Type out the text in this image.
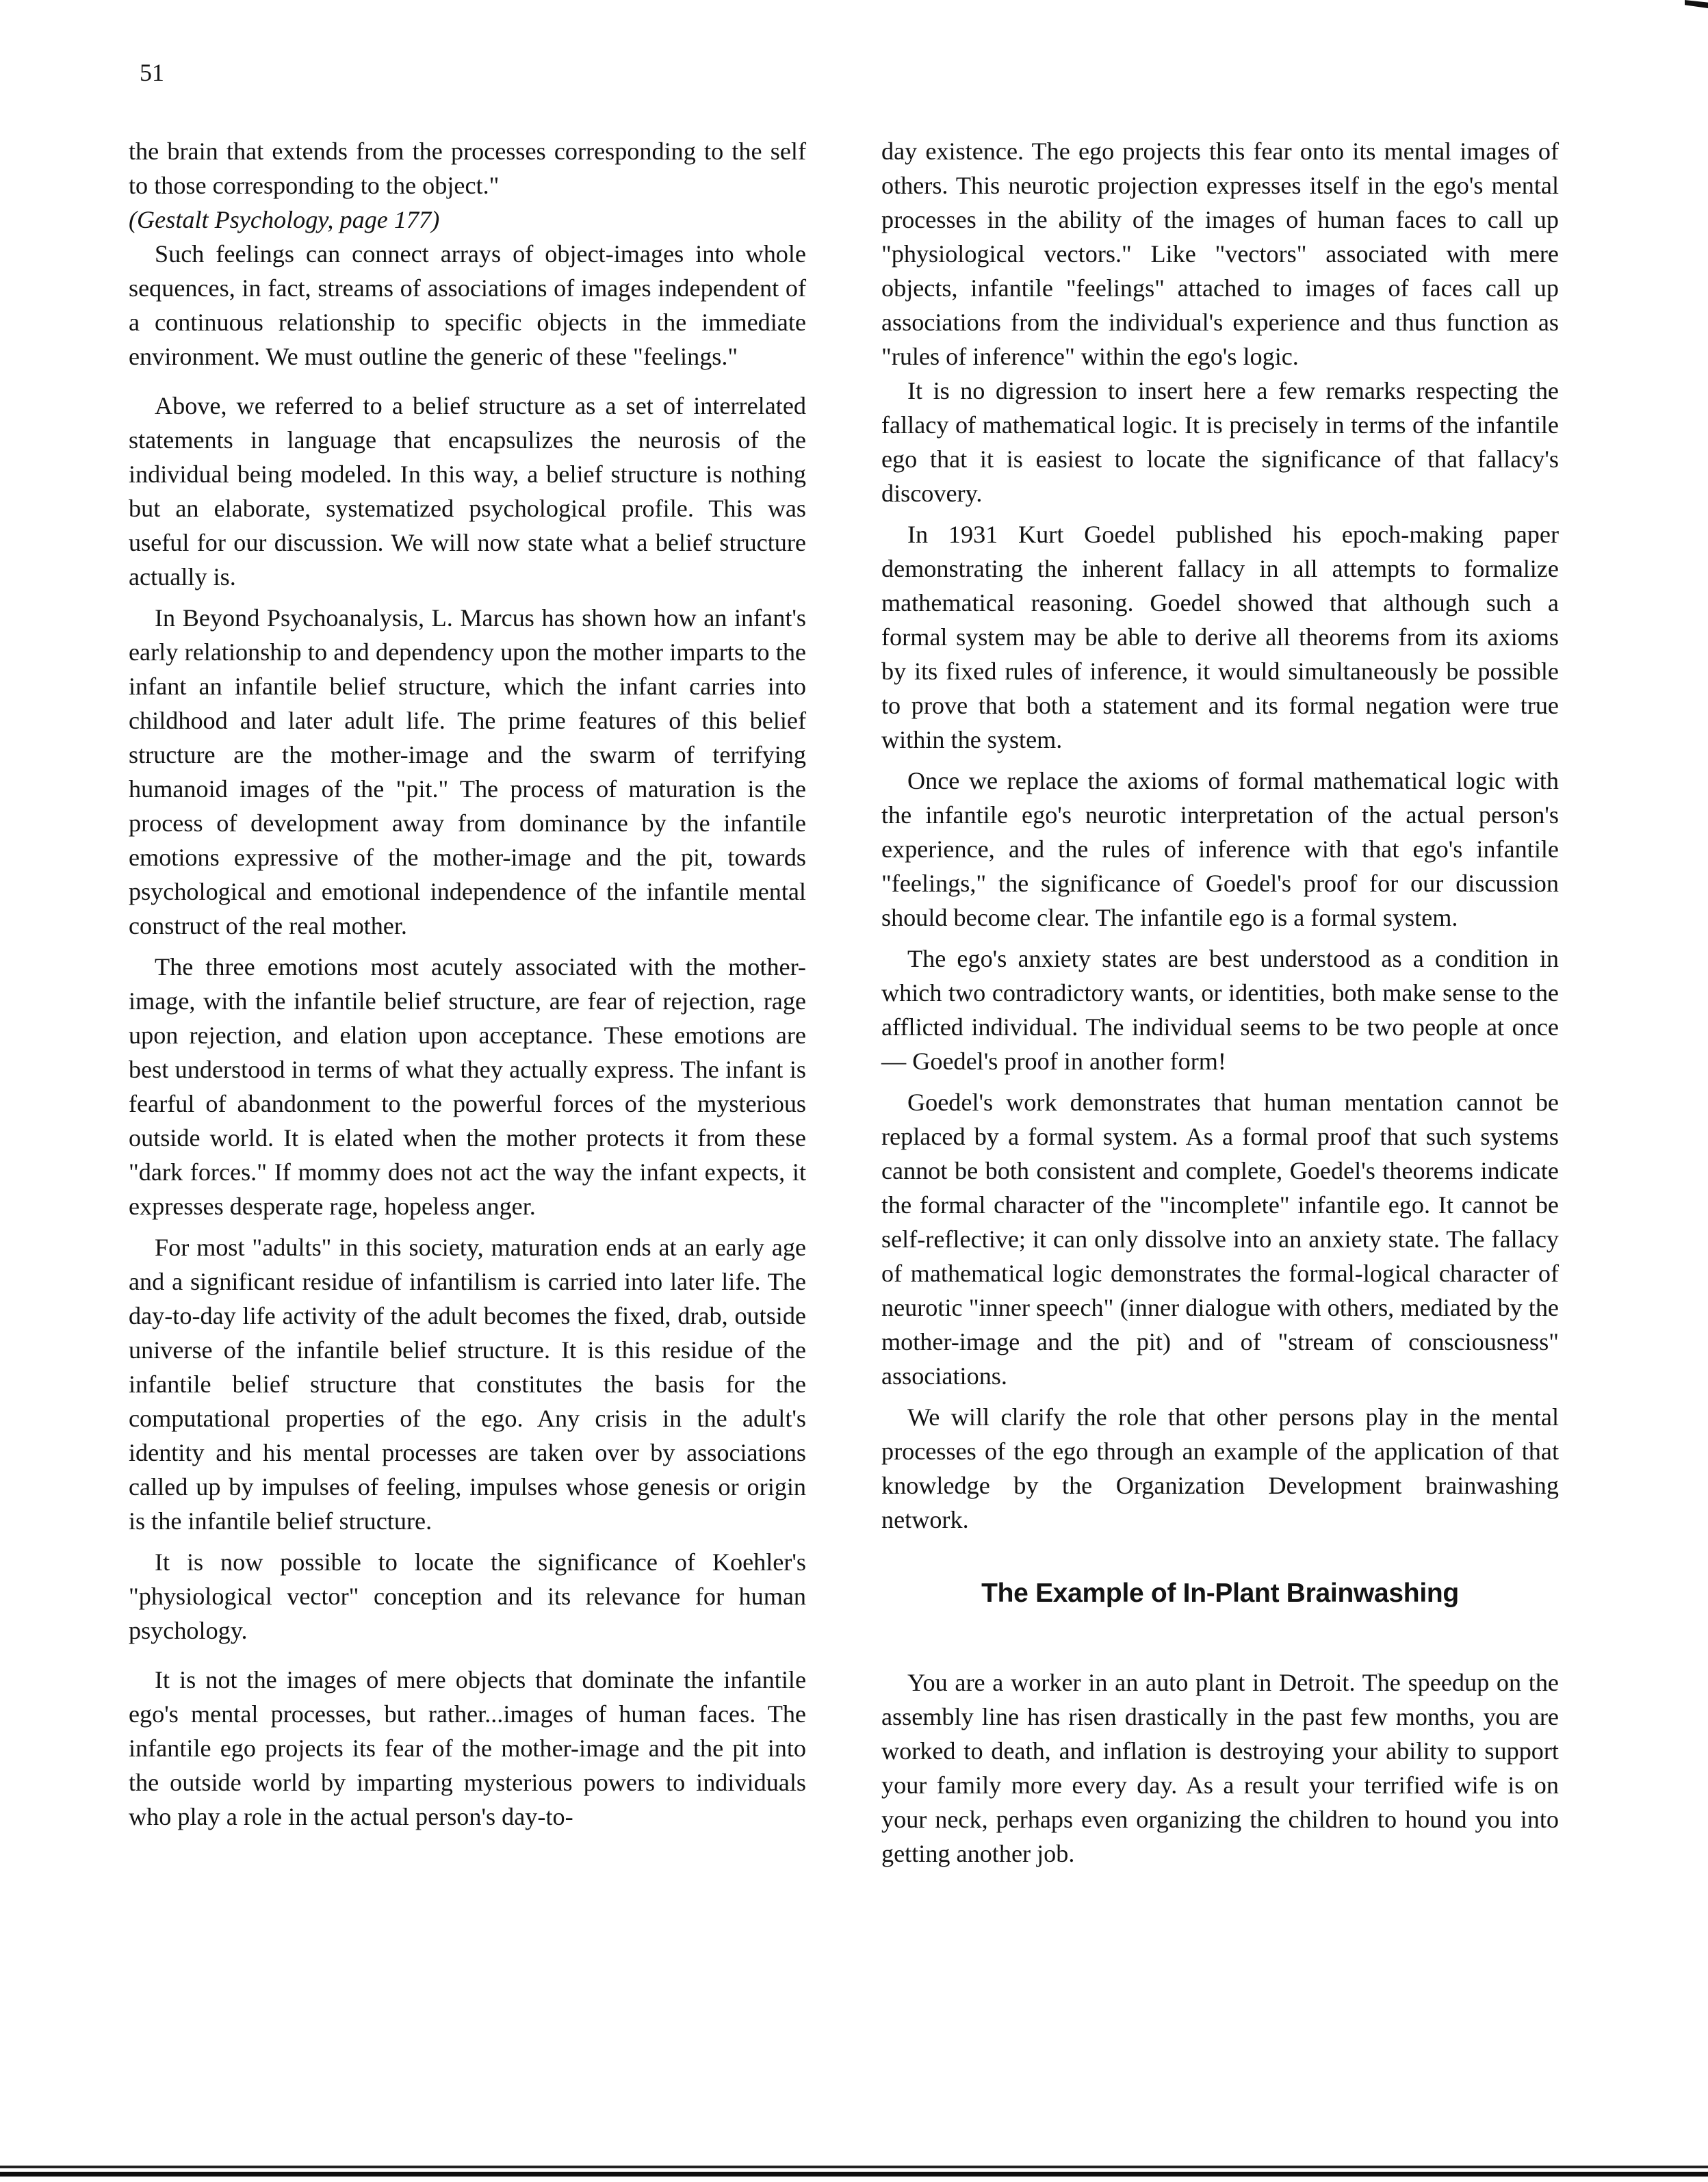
51

the brain that extends from the processes corresponding to the self to those corresponding to the object."

(Gestalt Psychology, page 177)

Such feelings can connect arrays of object-images into whole sequences, in fact, streams of associations of images independent of a continuous relationship to specific objects in the immediate environment. We must outline the generic of these "feelings."

Above, we referred to a belief structure as a set of interrelated statements in language that encapsulizes the neurosis of the individual being modeled. In this way, a belief structure is nothing but an elaborate, systematized psychological profile. This was useful for our discussion. We will now state what a belief structure actually is.

In Beyond Psychoanalysis, L. Marcus has shown how an infant's early relationship to and dependency upon the mother imparts to the infant an infantile belief structure, which the infant carries into childhood and later adult life. The prime features of this belief structure are the mother-image and the swarm of terrifying humanoid images of the "pit." The process of maturation is the process of development away from dominance by the infantile emotions expressive of the mother-image and the pit, towards psychological and emotional independence of the infantile mental construct of the real mother.

The three emotions most acutely associated with the mother-image, with the infantile belief structure, are fear of rejection, rage upon rejection, and elation upon acceptance. These emotions are best understood in terms of what they actually express. The infant is fearful of abandonment to the powerful forces of the mysterious outside world. It is elated when the mother protects it from these "dark forces." If mommy does not act the way the infant expects, it expresses desperate rage, hopeless anger.

For most "adults" in this society, maturation ends at an early age and a significant residue of infantilism is carried into later life. The day-to-day life activity of the adult becomes the fixed, drab, outside universe of the infantile belief structure. It is this residue of the infantile belief structure that constitutes the basis for the computational properties of the ego. Any crisis in the adult's identity and his mental processes are taken over by associations called up by impulses of feeling, impulses whose genesis or origin is the infantile belief structure.

It is now possible to locate the significance of Koehler's "physiological vector" conception and its relevance for human psychology.

It is not the images of mere objects that dominate the infantile ego's mental processes, but rather...images of human faces. The infantile ego projects its fear of the mother-image and the pit into the outside world by imparting mysterious powers to individuals who play a role in the actual person's day-to-

day existence. The ego projects this fear onto its mental images of others. This neurotic projection expresses itself in the ego's mental processes in the ability of the images of human faces to call up "physiological vectors." Like "vectors" associated with mere objects, infantile "feelings" attached to images of faces call up associations from the individual's experience and thus function as "rules of inference" within the ego's logic.

It is no digression to insert here a few remarks respecting the fallacy of mathematical logic. It is precisely in terms of the infantile ego that it is easiest to locate the significance of that fallacy's discovery.

In 1931 Kurt Goedel published his epoch-making paper demonstrating the inherent fallacy in all attempts to formalize mathematical reasoning. Goedel showed that although such a formal system may be able to derive all theorems from its axioms by its fixed rules of inference, it would simultaneously be possible to prove that both a statement and its formal negation were true within the system.

Once we replace the axioms of formal mathematical logic with the infantile ego's neurotic interpretation of the actual person's experience, and the rules of inference with that ego's infantile "feelings," the significance of Goedel's proof for our discussion should become clear. The infantile ego is a formal system.

The ego's anxiety states are best understood as a condition in which two contradictory wants, or identities, both make sense to the afflicted individual. The individual seems to be two people at once — Goedel's proof in another form!

Goedel's work demonstrates that human mentation cannot be replaced by a formal system. As a formal proof that such systems cannot be both consistent and complete, Goedel's theorems indicate the formal character of the "incomplete" infantile ego. It cannot be self-reflective; it can only dissolve into an anxiety state. The fallacy of mathematical logic demonstrates the formal-logical character of neurotic "inner speech" (inner dialogue with others, mediated by the mother-image and the pit) and of "stream of consciousness" associations.

We will clarify the role that other persons play in the mental processes of the ego through an example of the application of that knowledge by the Organization Development brainwashing network.

The Example of In-Plant Brainwashing

You are a worker in an auto plant in Detroit. The speedup on the assembly line has risen drastically in the past few months, you are worked to death, and inflation is destroying your ability to support your family more every day. As a result your terrified wife is on your neck, perhaps even organizing the children to hound you into getting another job.
